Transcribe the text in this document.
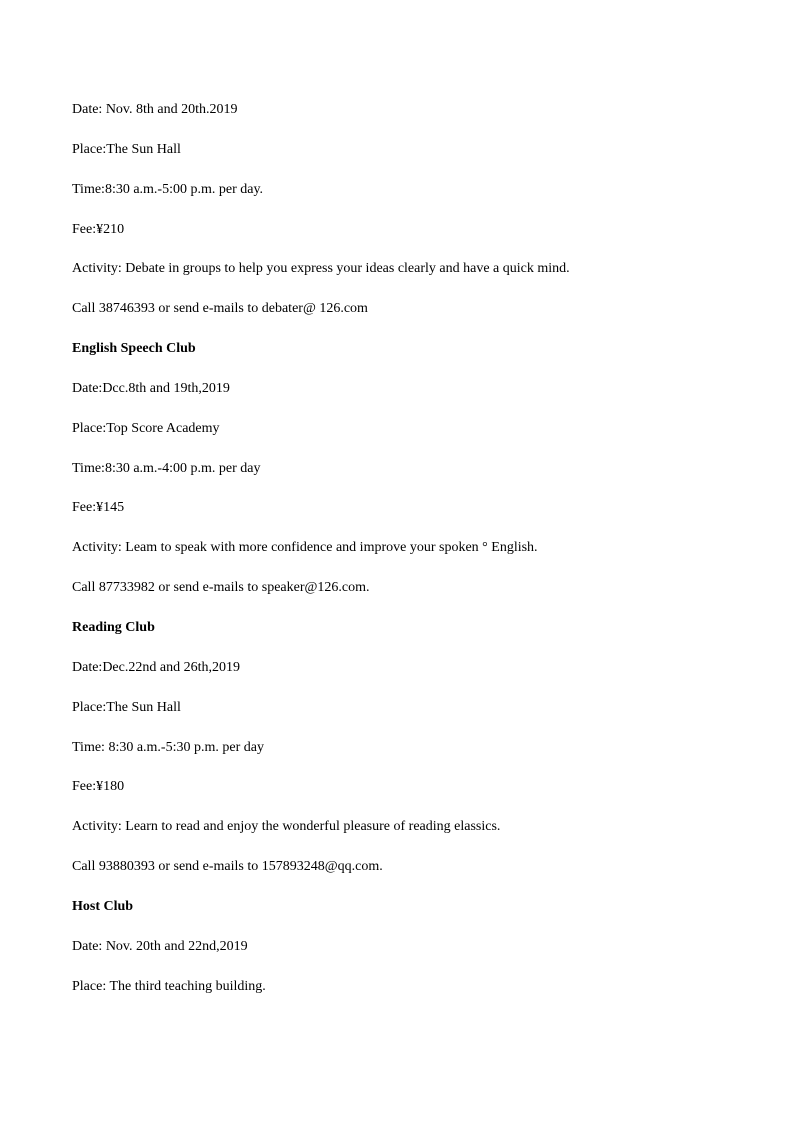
Date: Nov. 8th and 20th.2019
Place:The Sun Hall
Time:8:30 a.m.-5:00 p.m. per day.
Fee:¥210
Activity: Debate in groups to help you express your ideas clearly and have a quick mind.
Call 38746393 or send e-mails to debater@ 126.com
English Speech Club
Date:Dcc.8th and 19th,2019
Place:Top Score Academy
Time:8:30 a.m.-4:00 p.m. per day
Fee:¥145
Activity: Leam to speak with more confidence and improve your spoken ° English.
Call 87733982 or send e-mails to speaker@126.com.
Reading Club
Date:Dec.22nd and 26th,2019
Place:The Sun Hall
Time: 8:30 a.m.-5:30 p.m. per day
Fee:¥180
Activity: Learn to read and enjoy the wonderful pleasure of reading elassics.
Call 93880393 or send e-mails to 157893248@qq.com.
Host Club
Date: Nov. 20th and 22nd,2019
Place: The third teaching building.
